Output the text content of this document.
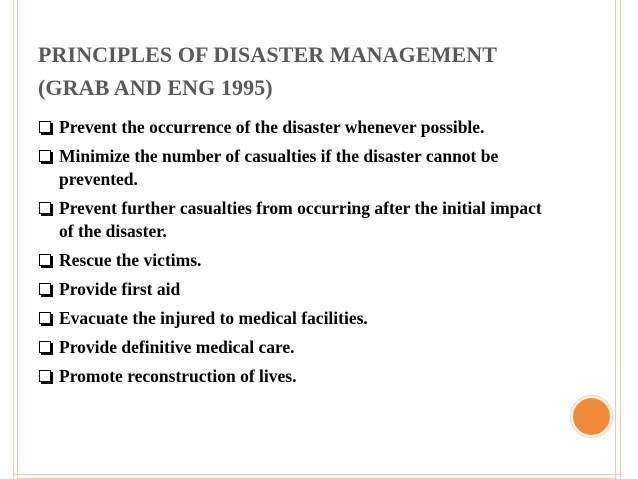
PRINCIPLES OF DISASTER MANAGEMENT
(GRAB AND ENG 1995)
Prevent the occurrence of the disaster whenever possible.
Minimize the number of casualties if the disaster cannot be prevented.
Prevent further casualties from occurring after the initial impact of the disaster.
Rescue the victims.
Provide first aid
Evacuate the injured to medical facilities.
Provide definitive medical care.
Promote reconstruction of lives.
